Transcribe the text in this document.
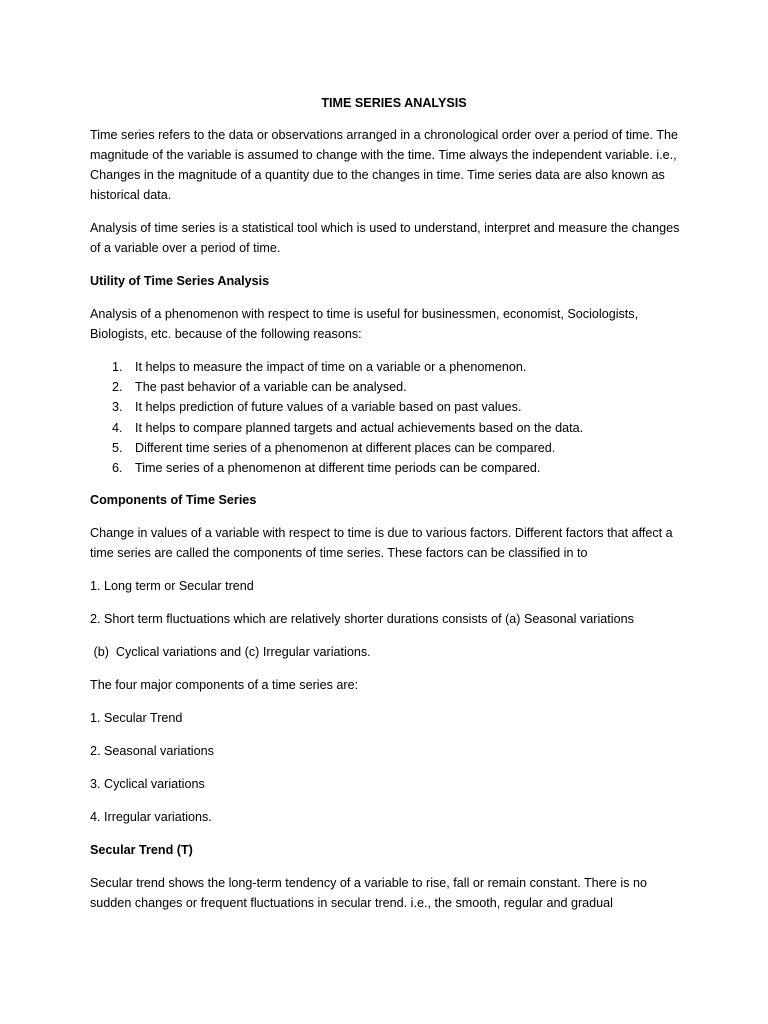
TIME SERIES ANALYSIS

Time series refers to the data or observations arranged in a chronological order over a period of time. The magnitude of the variable is assumed to change with the time. Time always the independent variable. i.e., Changes in the magnitude of a quantity due to the changes in time. Time series data are also known as historical data.

Analysis of time series is a statistical tool which is used to understand, interpret and measure the changes of a variable over a period of time.

Utility of Time Series Analysis

Analysis of a phenomenon with respect to time is useful for businessmen, economist, Sociologists, Biologists, etc. because of the following reasons:

1. It helps to measure the impact of time on a variable or a phenomenon.
2. The past behavior of a variable can be analysed.
3. It helps prediction of future values of a variable based on past values.
4. It helps to compare planned targets and actual achievements based on the data.
5. Different time series of a phenomenon at different places can be compared.
6. Time series of a phenomenon at different time periods can be compared.
Components of Time Series

Change in values of a variable with respect to time is due to various factors. Different factors that affect a time series are called the components of time series. These factors can be classified in to

1. Long term or Secular trend

2. Short term fluctuations which are relatively shorter durations consists of (a) Seasonal variations

(b)  Cyclical variations and (c) Irregular variations.

The four major components of a time series are:

1. Secular Trend

2. Seasonal variations

3. Cyclical variations

4. Irregular variations.

Secular Trend (T)

Secular trend shows the long-term tendency of a variable to rise, fall or remain constant. There is no sudden changes or frequent fluctuations in secular trend. i.e., the smooth, regular and gradual
